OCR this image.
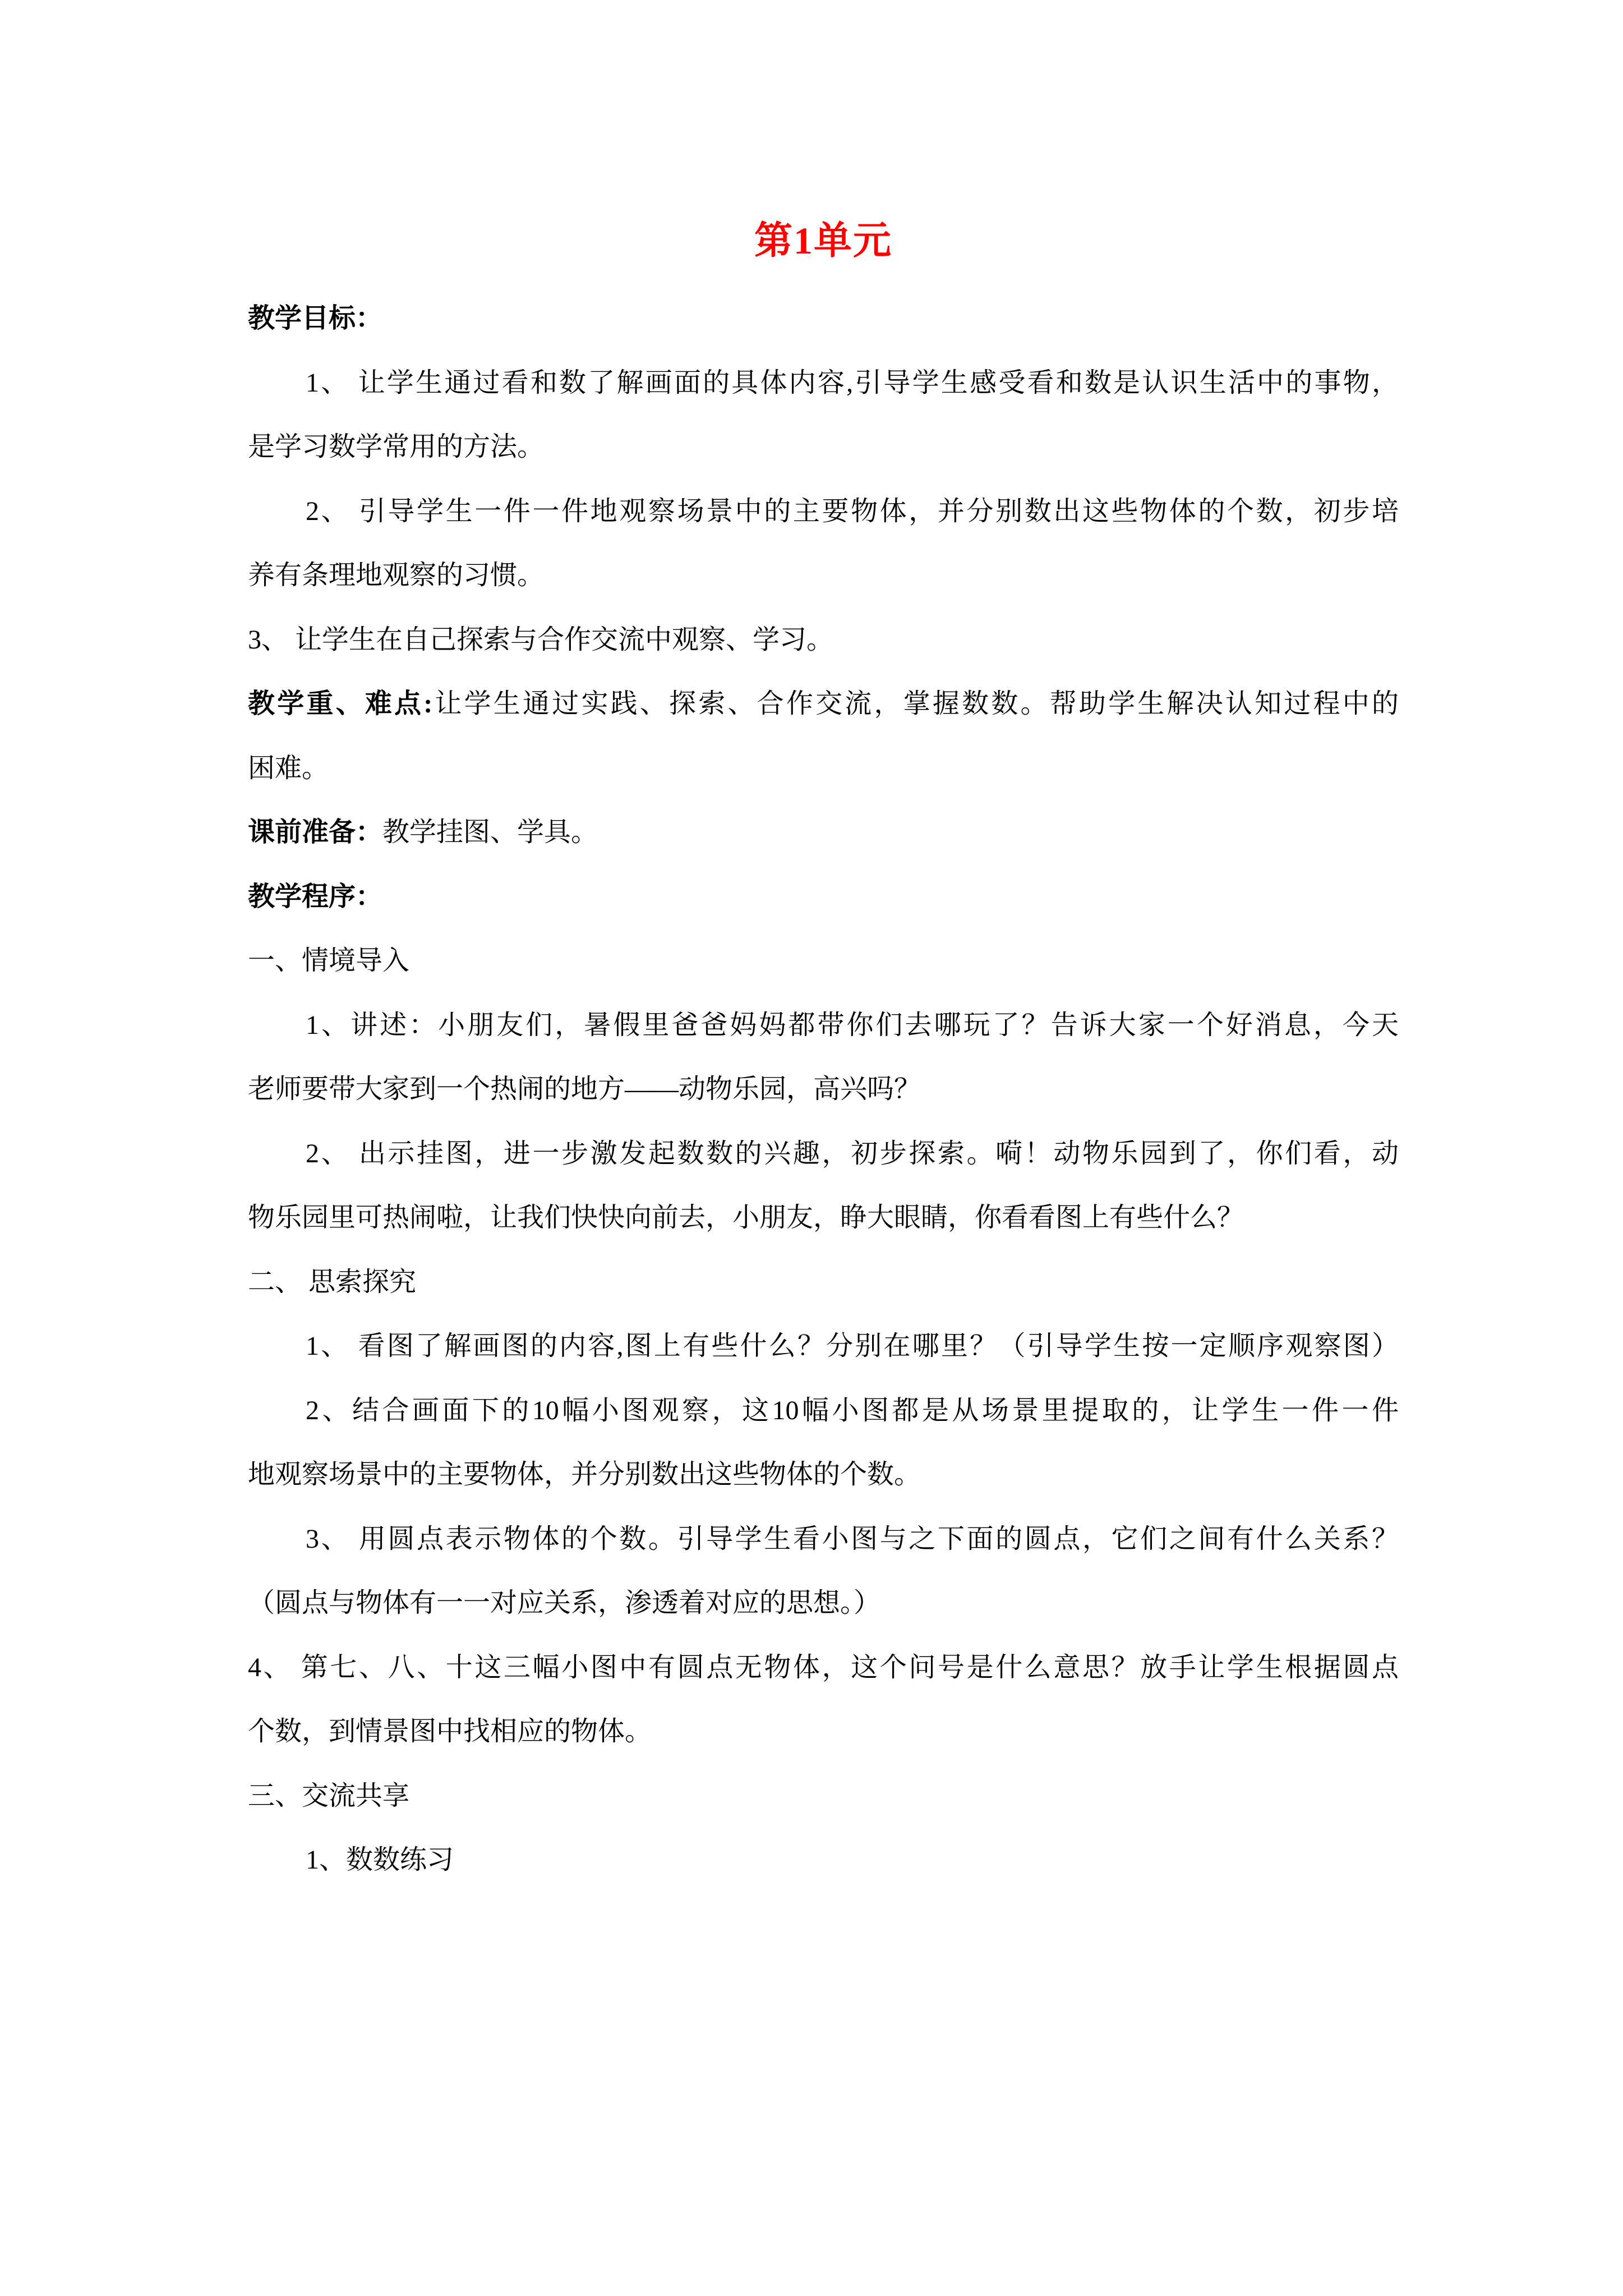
第1单元
教学目标：
1、 让学生通过看和数了解画面的具体内容,引导学生感受看和数是认识生活中的事物，
是学习数学常用的方法。
2、 引导学生一件一件地观察场景中的主要物体，并分别数出这些物体的个数，初步培
养有条理地观察的习惯。
3、 让学生在自己探索与合作交流中观察、学习。
教学重、难点:让学生通过实践、探索、合作交流，掌握数数。帮助学生解决认知过程中的
困难。
课前准备：教学挂图、学具。
教学程序：
一、情境导入
1、讲述：小朋友们，暑假里爸爸妈妈都带你们去哪玩了？告诉大家一个好消息，今天
老师要带大家到一个热闹的地方——动物乐园，高兴吗？
2、 出示挂图，进一步激发起数数的兴趣，初步探索。嗬！动物乐园到了，你们看，动
物乐园里可热闹啦，让我们快快向前去，小朋友，睁大眼睛，你看看图上有些什么？
二、 思索探究
1、 看图了解画图的内容,图上有些什么？分别在哪里？（引导学生按一定顺序观察图）
2、结合画面下的10幅小图观察，这10幅小图都是从场景里提取的，让学生一件一件
地观察场景中的主要物体，并分别数出这些物体的个数。
3、 用圆点表示物体的个数。引导学生看小图与之下面的圆点，它们之间有什么关系？
（圆点与物体有一一对应关系，渗透着对应的思想。）
4、 第七、八、十这三幅小图中有圆点无物体，这个问号是什么意思？放手让学生根据圆点
个数，到情景图中找相应的物体。
三、交流共享
1、数数练习
